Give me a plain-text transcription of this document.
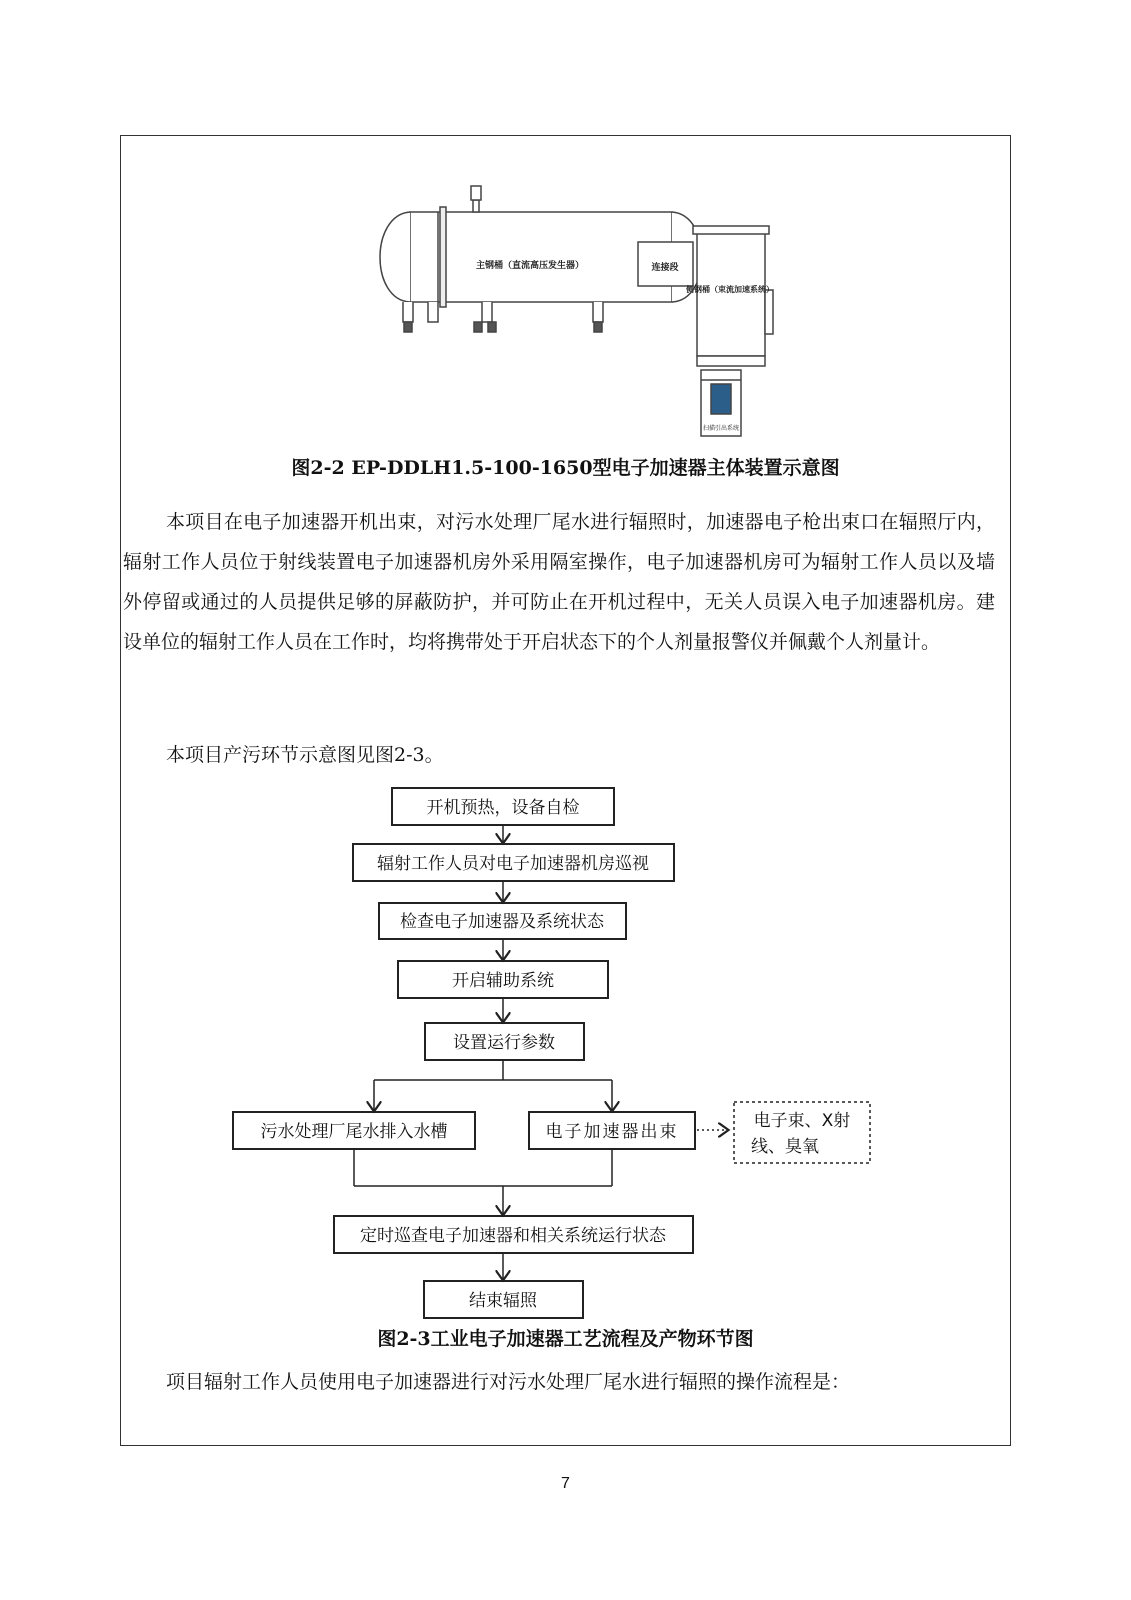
主钢桶（直流高压发生器）	连接段
侧钢桶（束流加速系统）
扫描引出系统
图2-2 EP-DDLH1.5-100-1650型电子加速器主体装置示意图

本项目在电子加速器开机出束，对污水处理厂尾水进行辐照时，加速器电子枪出束口在辐照厅内，辐射工作人员位于射线装置电子加速器机房外采用隔室操作，电子加速器机房可为辐射工作人员以及墙外停留或通过的人员提供足够的屏蔽防护，并可防止在开机过程中，无关人员误入电子加速器机房。建设单位的辐射工作人员在工作时，均将携带处于开启状态下的个人剂量报警仪并佩戴个人剂量计。

本项目产污环节示意图见图2-3。

开机预热，设备自检
辐射工作人员对电子加速器机房巡视
检查电子加速器及系统状态
开启辅助系统
设置运行参数
污水处理厂尾水排入水槽	电子加速器出束
电子束、X射
线、臭氧
定时巡查电子加速器和相关系统运行状态
结束辐照
图2-3工业电子加速器工艺流程及产物环节图

项目辐射工作人员使用电子加速器进行对污水处理厂尾水进行辐照的操作流程是：

7
